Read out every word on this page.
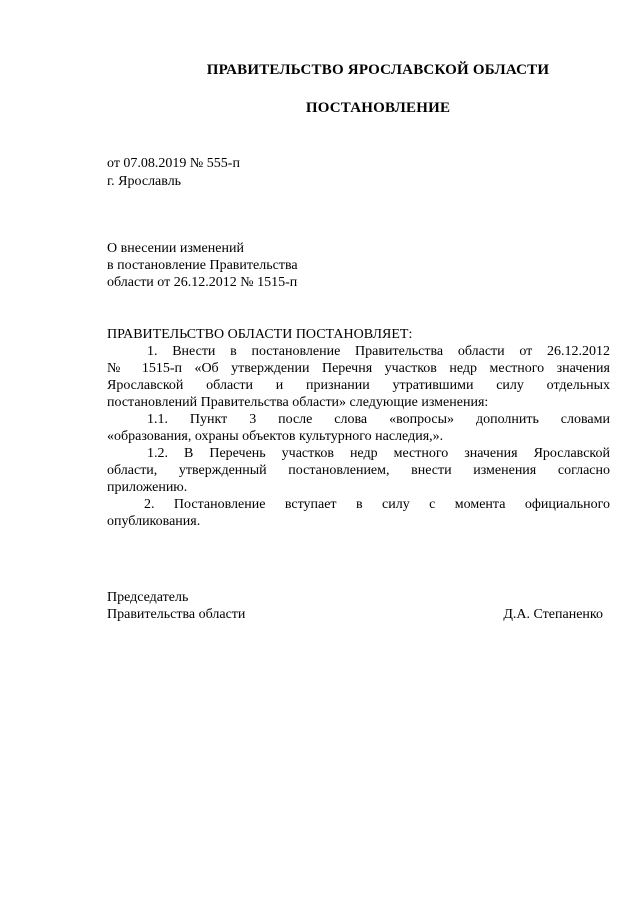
ПРАВИТЕЛЬСТВО ЯРОСЛАВСКОЙ ОБЛАСТИ
ПОСТАНОВЛЕНИЕ
от 07.08.2019 № 555-п
г. Ярославль
О внесении изменений
в постановление Правительства
области от 26.12.2012 № 1515-п
ПРАВИТЕЛЬСТВО ОБЛАСТИ ПОСТАНОВЛЯЕТ:
1. Внести в постановление Правительства области от 26.12.2012
№ 1515-п «Об утверждении Перечня участков недр местного значения
Ярославской области и признании утратившими силу отдельных
постановлений Правительства области» следующие изменения:
1.1. Пункт 3 после слова «вопросы» дополнить словами
«образования, охраны объектов культурного наследия,».
1.2. В Перечень участков недр местного значения Ярославской
области, утвержденный постановлением, внести изменения согласно
приложению.
2. Постановление вступает в силу с момента официального
опубликования.
Председатель
Правительства области	Д.А. Степаненко
